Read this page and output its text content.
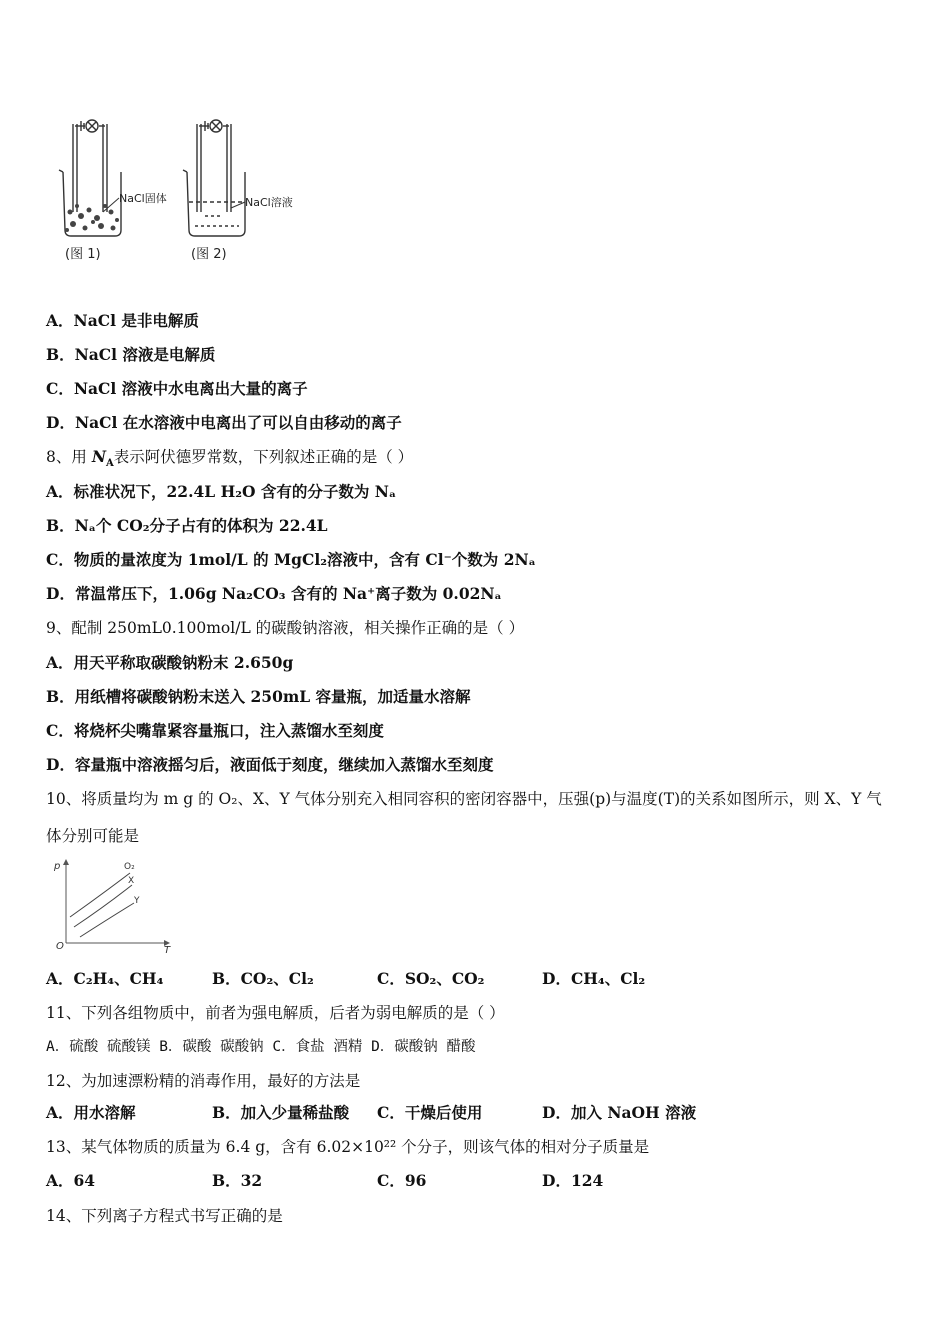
NaCl固体
(图 1)
NaCl溶液
(图 2)
A．NaCl 是非电解质
B．NaCl 溶液是电解质
C．NaCl 溶液中水电离出大量的离子
D．NaCl 在水溶液中电离出了可以自由移动的离子
8、用 $N_A$表示阿伏德罗常数，下列叙述正确的是（ ）
A．标准状况下，22.4L H₂O 含有的分子数为 Nₐ
B．Nₐ个 CO₂分子占有的体积为 22.4L
C．物质的量浓度为 1mol/L 的 MgCl₂溶液中，含有 Cl⁻个数为 2Nₐ
D．常温常压下，1.06g Na₂CO₃ 含有的 Na⁺离子数为 0.02Nₐ
9、配制 250mL0.100mol/L 的碳酸钠溶液，相关操作正确的是（ ）
A．用天平称取碳酸钠粉末 2.650g
B．用纸槽将碳酸钠粉末送入 250mL 容量瓶，加适量水溶解
C．将烧杯尖嘴靠紧容量瓶口，注入蒸馏水至刻度
D．容量瓶中溶液摇匀后，液面低于刻度，继续加入蒸馏水至刻度
10、将质量均为 m g 的 O₂、X、Y 气体分别充入相同容积的密闭容器中，压强(p)与温度(T)的关系如图所示，则 X、Y 气
体分别可能是
p
T
O
O₂
X
Y
A．C₂H₄、CH₄	B．CO₂、Cl₂	C．SO₂、CO₂	D．CH₄、Cl₂
11、下列各组物质中，前者为强电解质，后者为弱电解质的是（ ）
A．硫酸 硫酸镁 B．碳酸 碳酸钠 C．食盐 酒精 D．碳酸钠 醋酸
12、为加速漂粉精的消毒作用，最好的方法是
A．用水溶解	B．加入少量稀盐酸 C．干燥后使用	D．加入 NaOH 溶液
13、某气体物质的质量为 6.4 g，含有 6.02×10²² 个分子，则该气体的相对分子质量是
A．64	B．32	C．96	D．124
14、下列离子方程式书写正确的是
